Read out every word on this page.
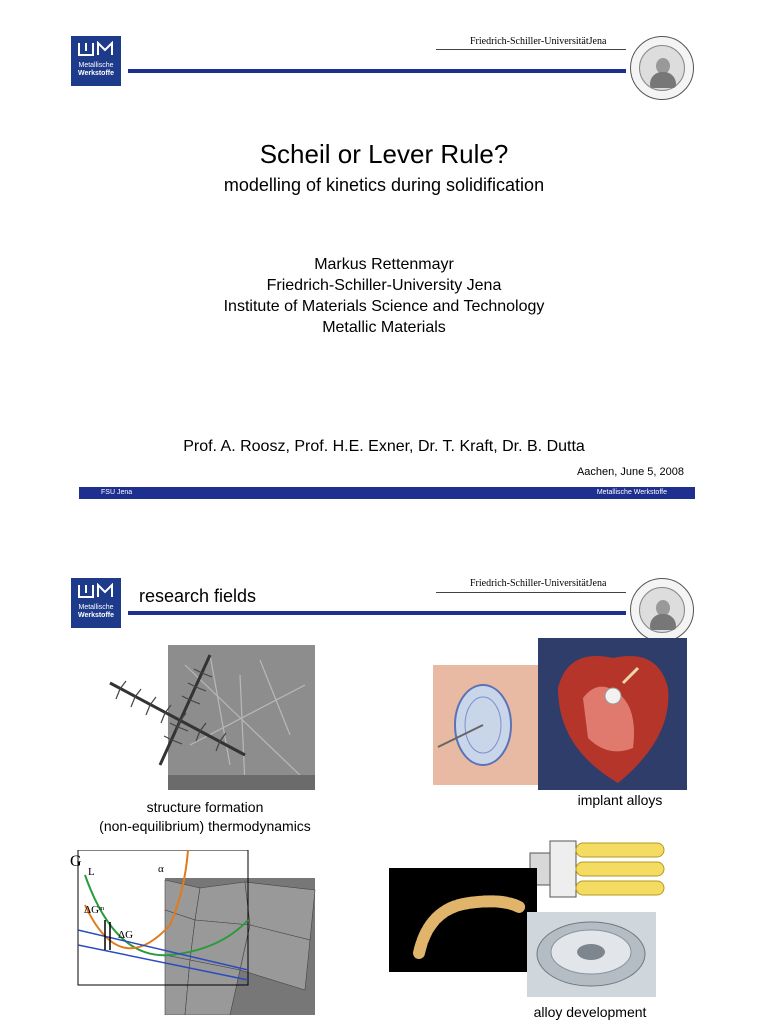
Metallische
Werkstoffe
Friedrich-Schiller-UniversitätJena
Scheil or Lever Rule?
modelling of kinetics during solidification
Markus Rettenmayr
Friedrich-Schiller-University Jena
Institute of Materials Science and Technology
Metallic Materials
Prof. A. Roosz, Prof. H.E. Exner, Dr. T. Kraft, Dr. B. Dutta
Aachen, June 5, 2008
FSU Jena	Metallische Werkstoffe
Metallische
Werkstoffe
research fields
Friedrich-Schiller-UniversitätJena
structure formation
(non-equilibrium) thermodynamics
implant alloys
G
L	α
ΔGᵐ
ΔG
alloy development
